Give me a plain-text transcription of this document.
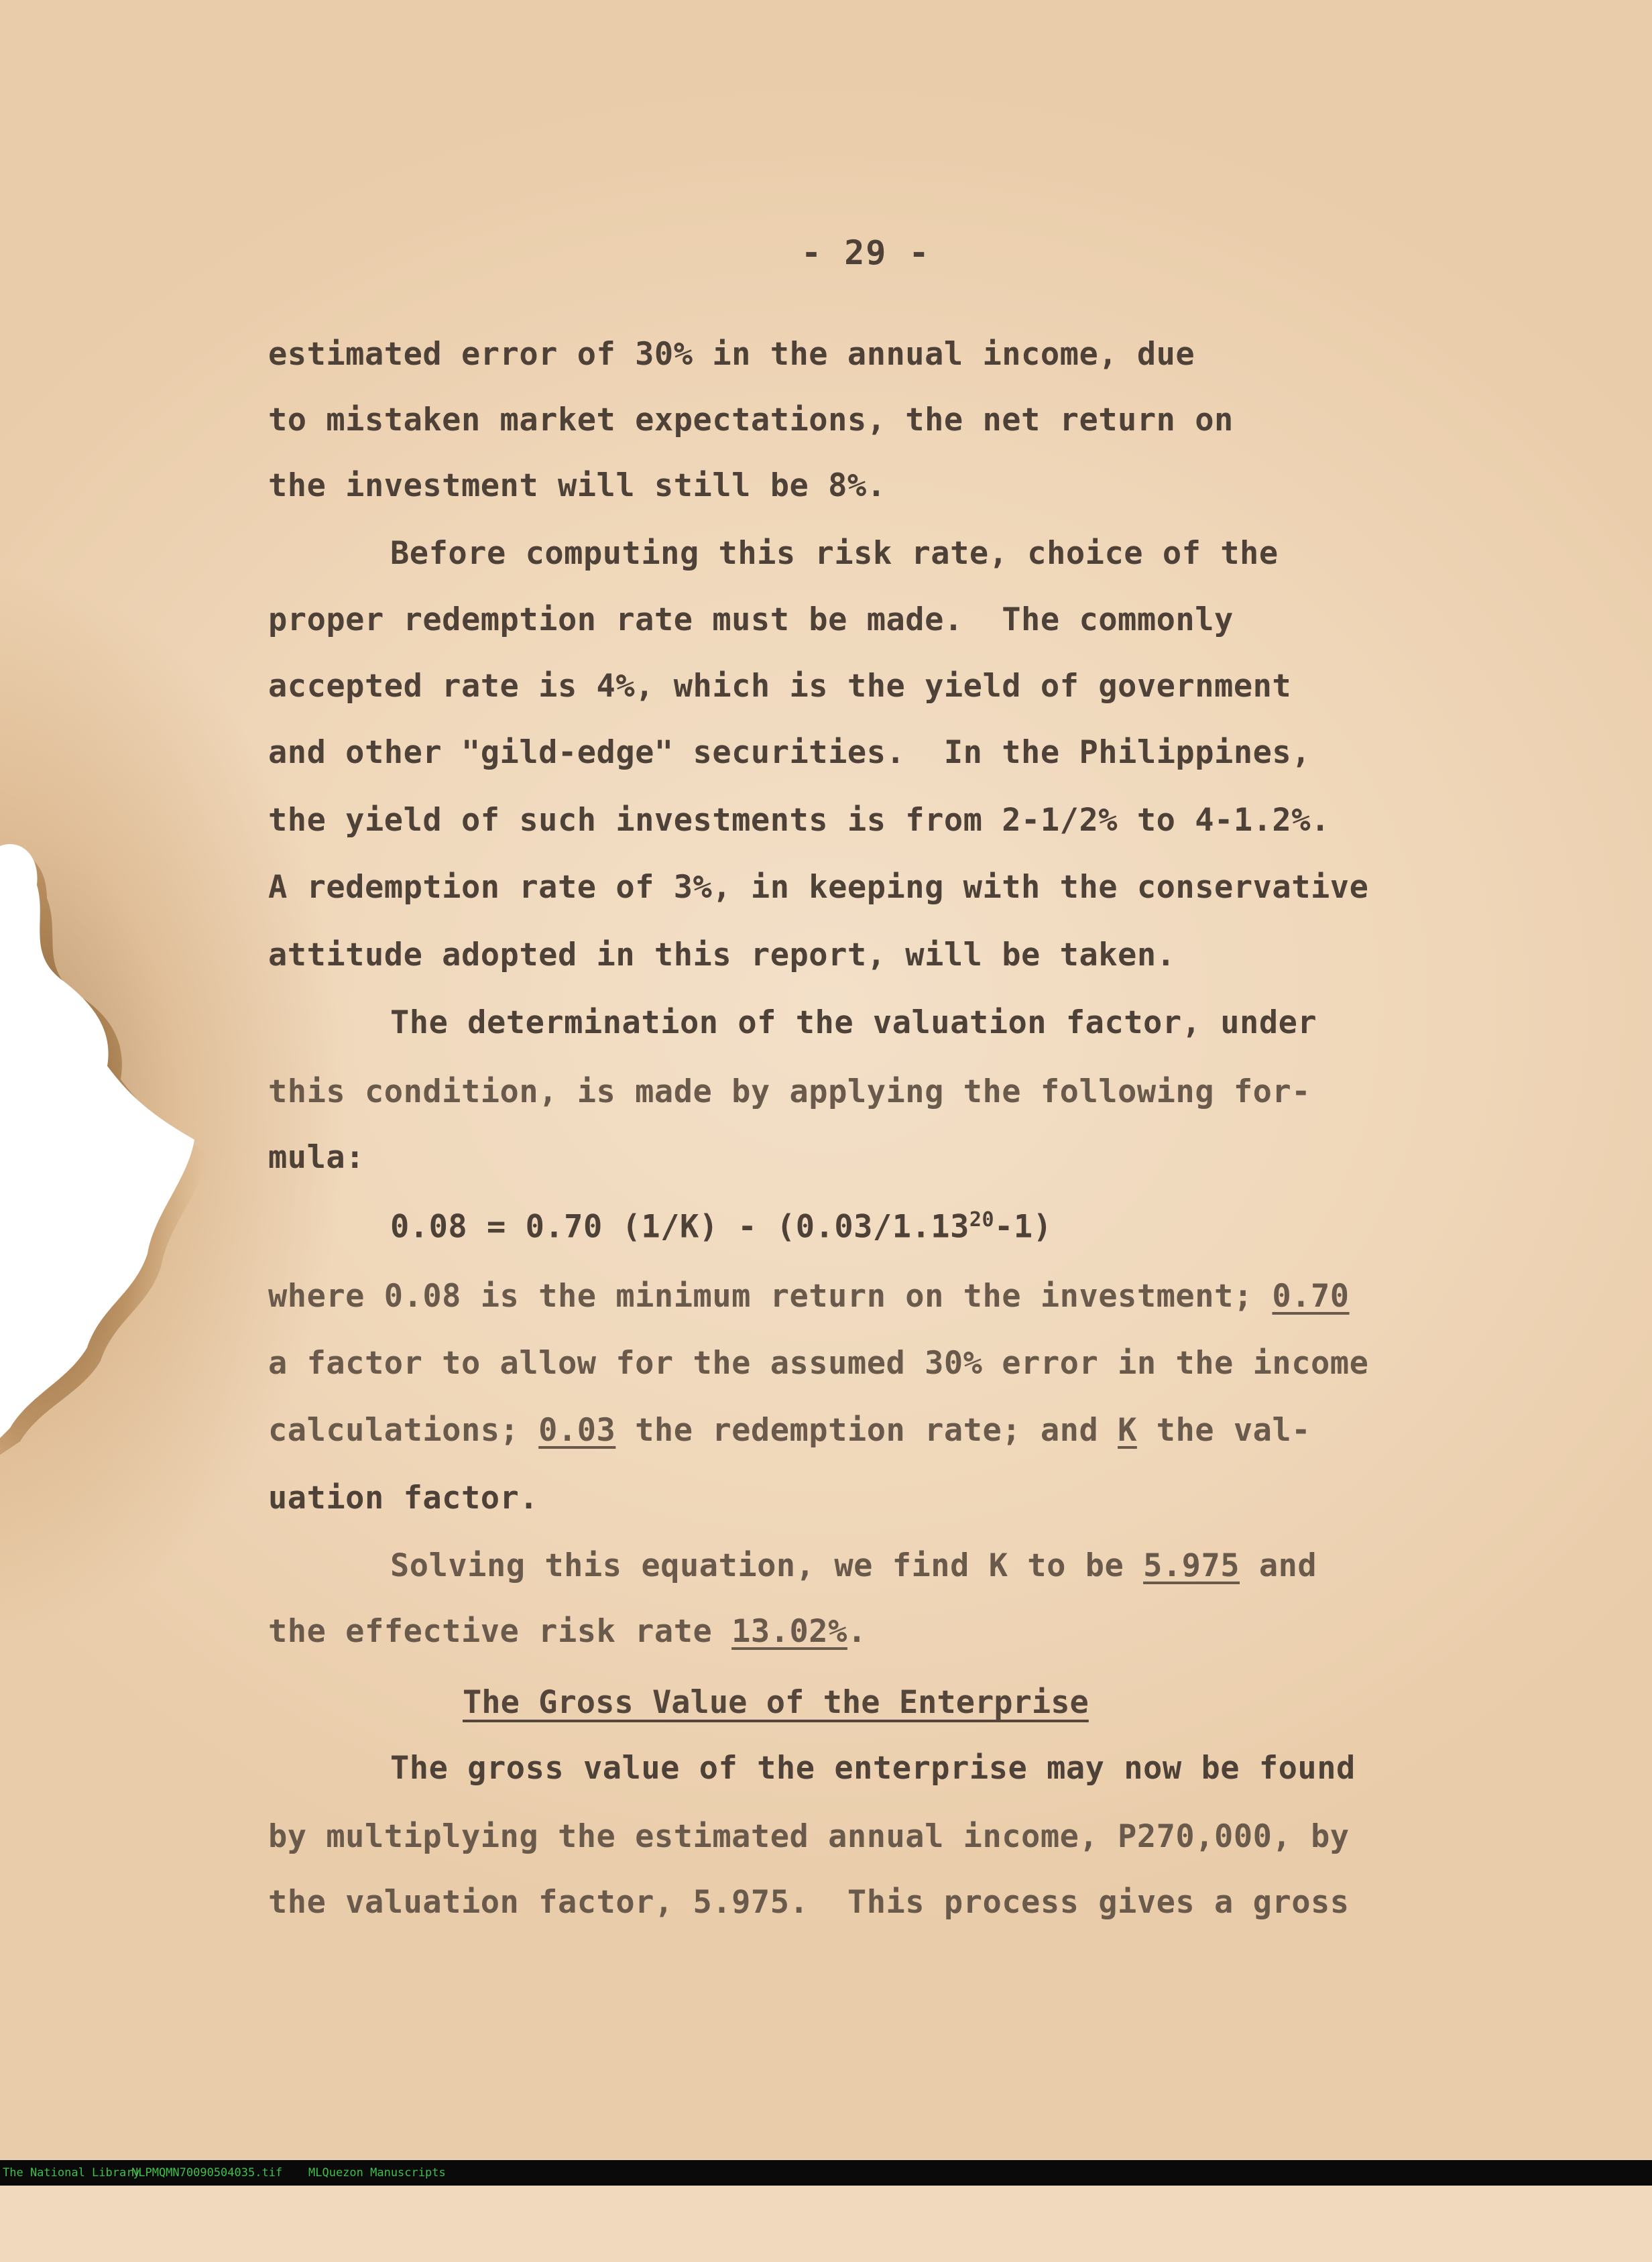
- 29 -
estimated error of 30% in the annual income, due
to mistaken market expectations, the net return on
the investment will still be 8%.
Before computing this risk rate, choice of the
proper redemption rate must be made.  The commonly
accepted rate is 4%, which is the yield of government
and other "gild-edge" securities.  In the Philippines,
the yield of such investments is from 2-1/2% to 4-1.2%.
A redemption rate of 3%, in keeping with the conservative
attitude adopted in this report, will be taken.
The determination of the valuation factor, under
this condition, is made by applying the following for-
mula:
0.08 = 0.70 (1/K) - (0.03/1.13$^{20}$-1)
where 0.08 is the minimum return on the investment; 0.70
a factor to allow for the assumed 30% error in the income
calculations; 0.03 the redemption rate; and K the val-
uation factor.
Solving this equation, we find K to be 5.975 and
the effective risk rate 13.02%.
The Gross Value of the Enterprise
The gross value of the enterprise may now be found
by multiplying the estimated annual income, P270,000, by
the valuation factor, 5.975.  This process gives a gross

The National Library

NLPMQMN70090504035.tif

MLQuezon Manuscripts
